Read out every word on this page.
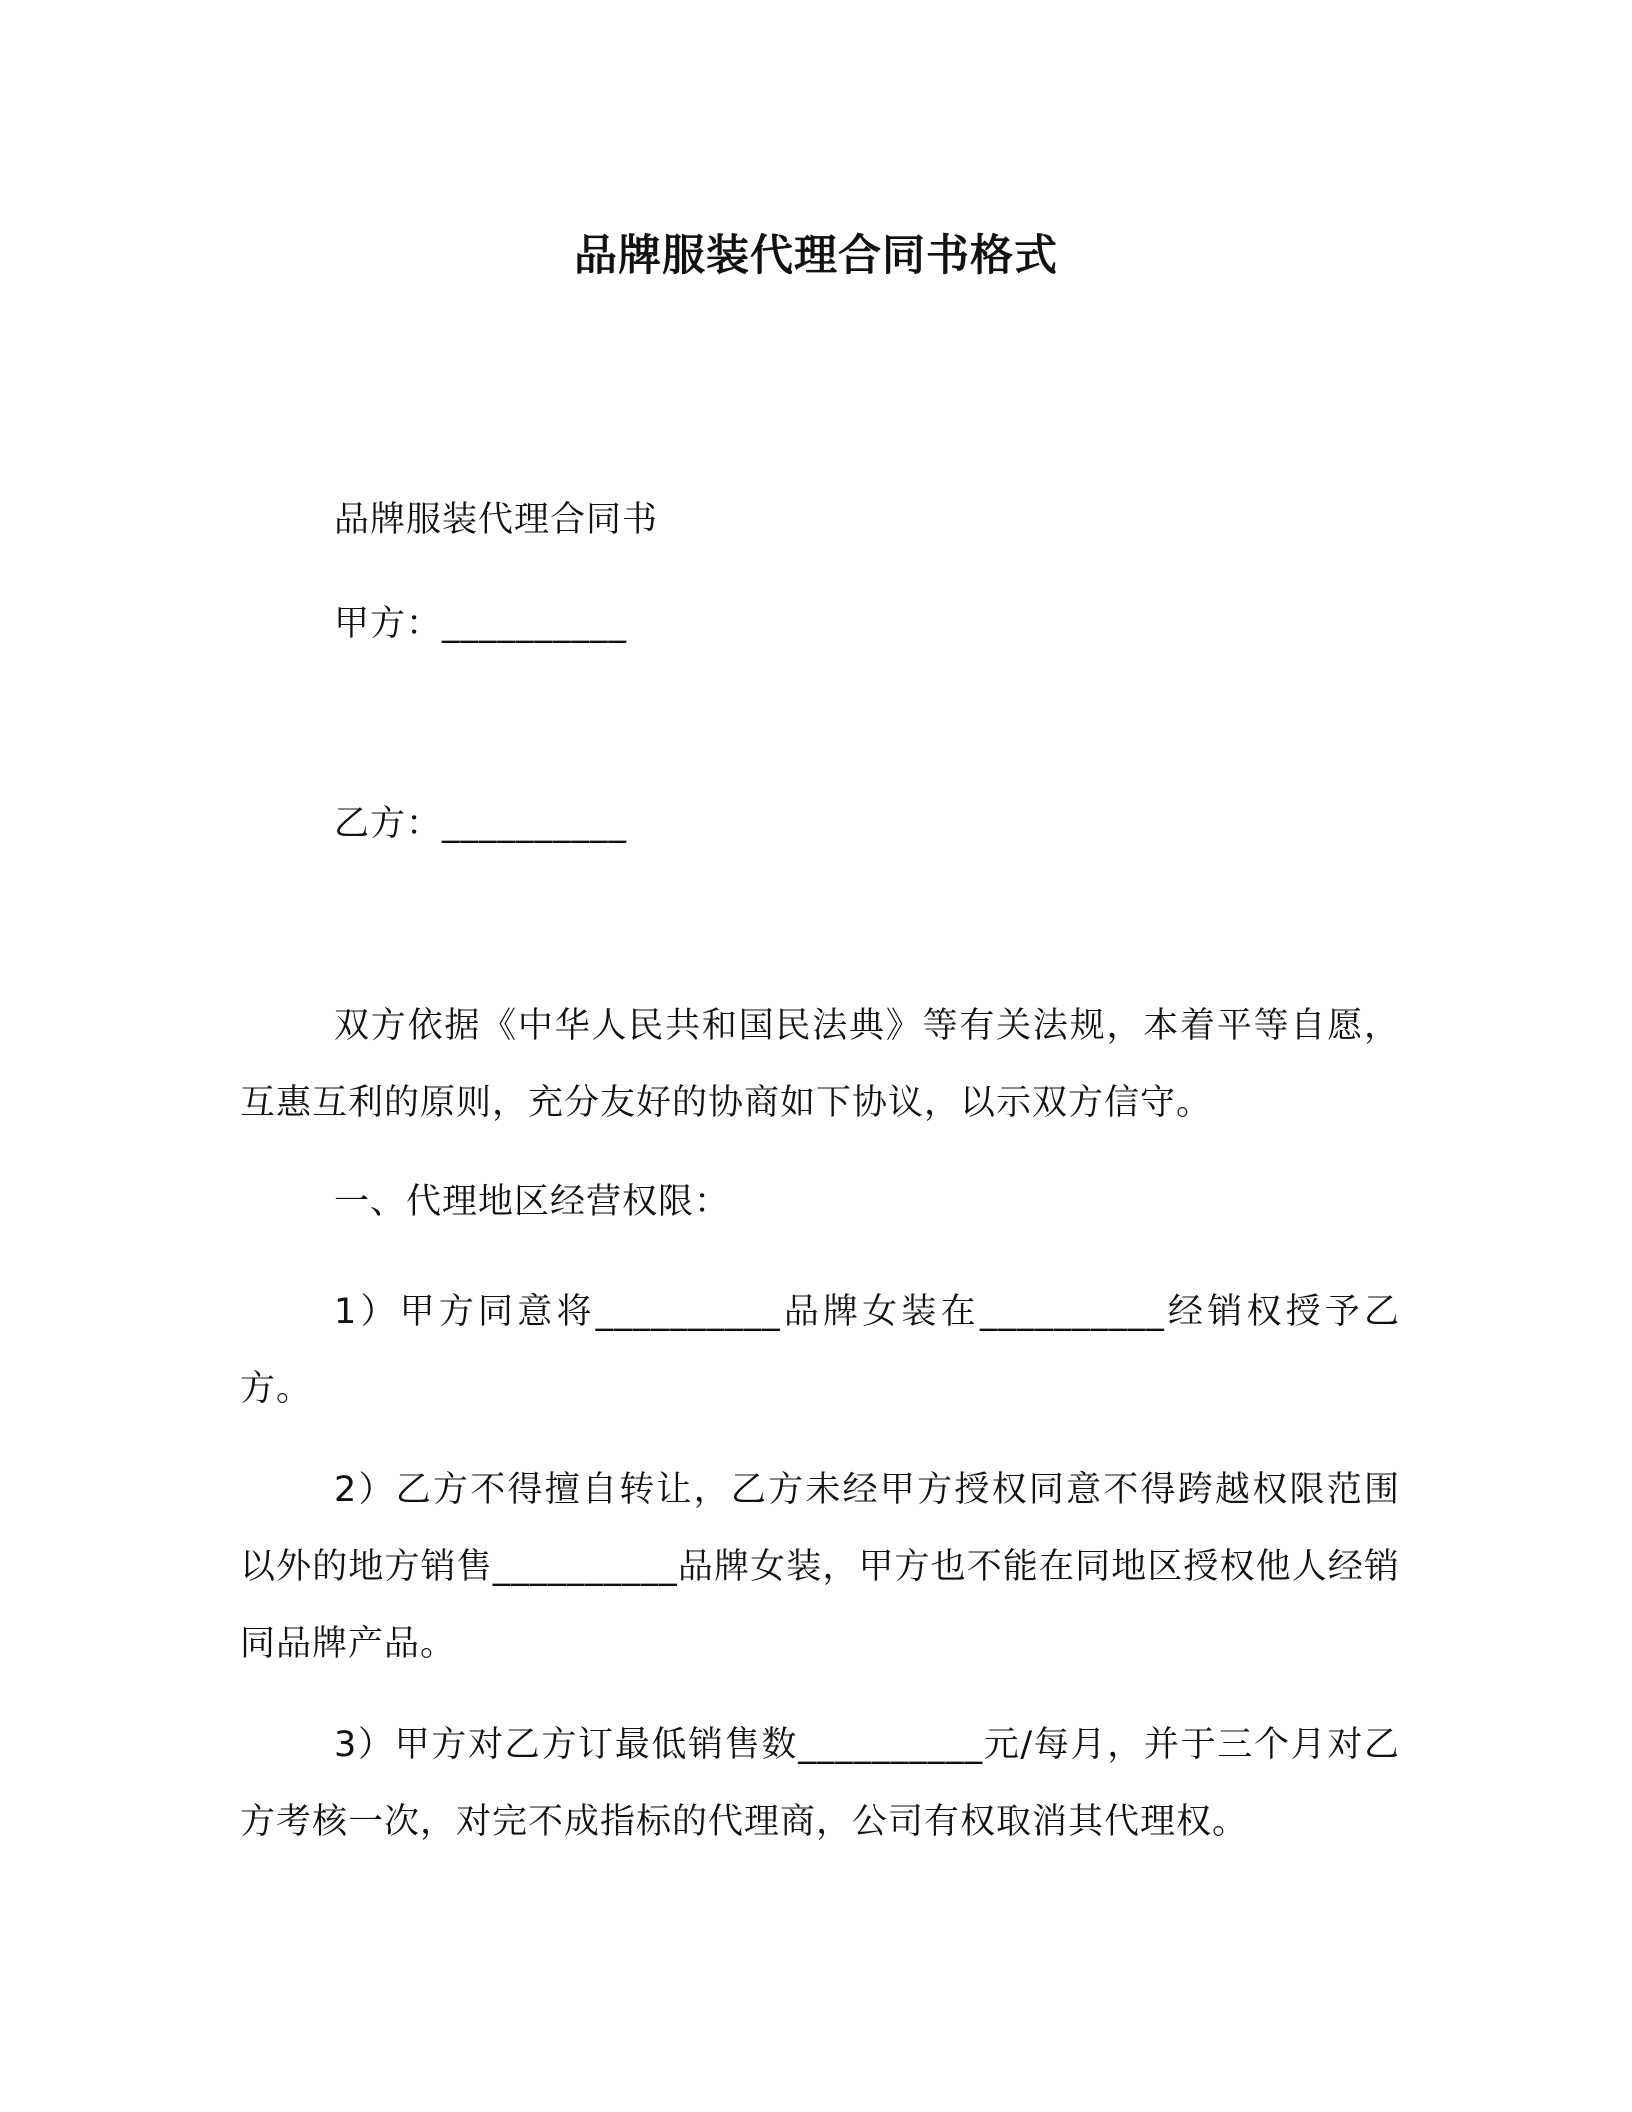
品牌服装代理合同书格式
品牌服装代理合同书
甲方：__________
乙方：__________
双方依据《中华人民共和国民法典》等有关法规，本着平等自愿，互惠互利的原则，充分友好的协商如下协议，以示双方信守。
一、代理地区经营权限：
1）甲方同意将__________品牌女装在__________经销权授予乙方。
2）乙方不得擅自转让，乙方未经甲方授权同意不得跨越权限范围以外的地方销售__________品牌女装，甲方也不能在同地区授权他人经销同品牌产品。
3）甲方对乙方订最低销售数__________元/每月，并于三个月对乙方考核一次，对完不成指标的代理商，公司有权取消其代理权。
